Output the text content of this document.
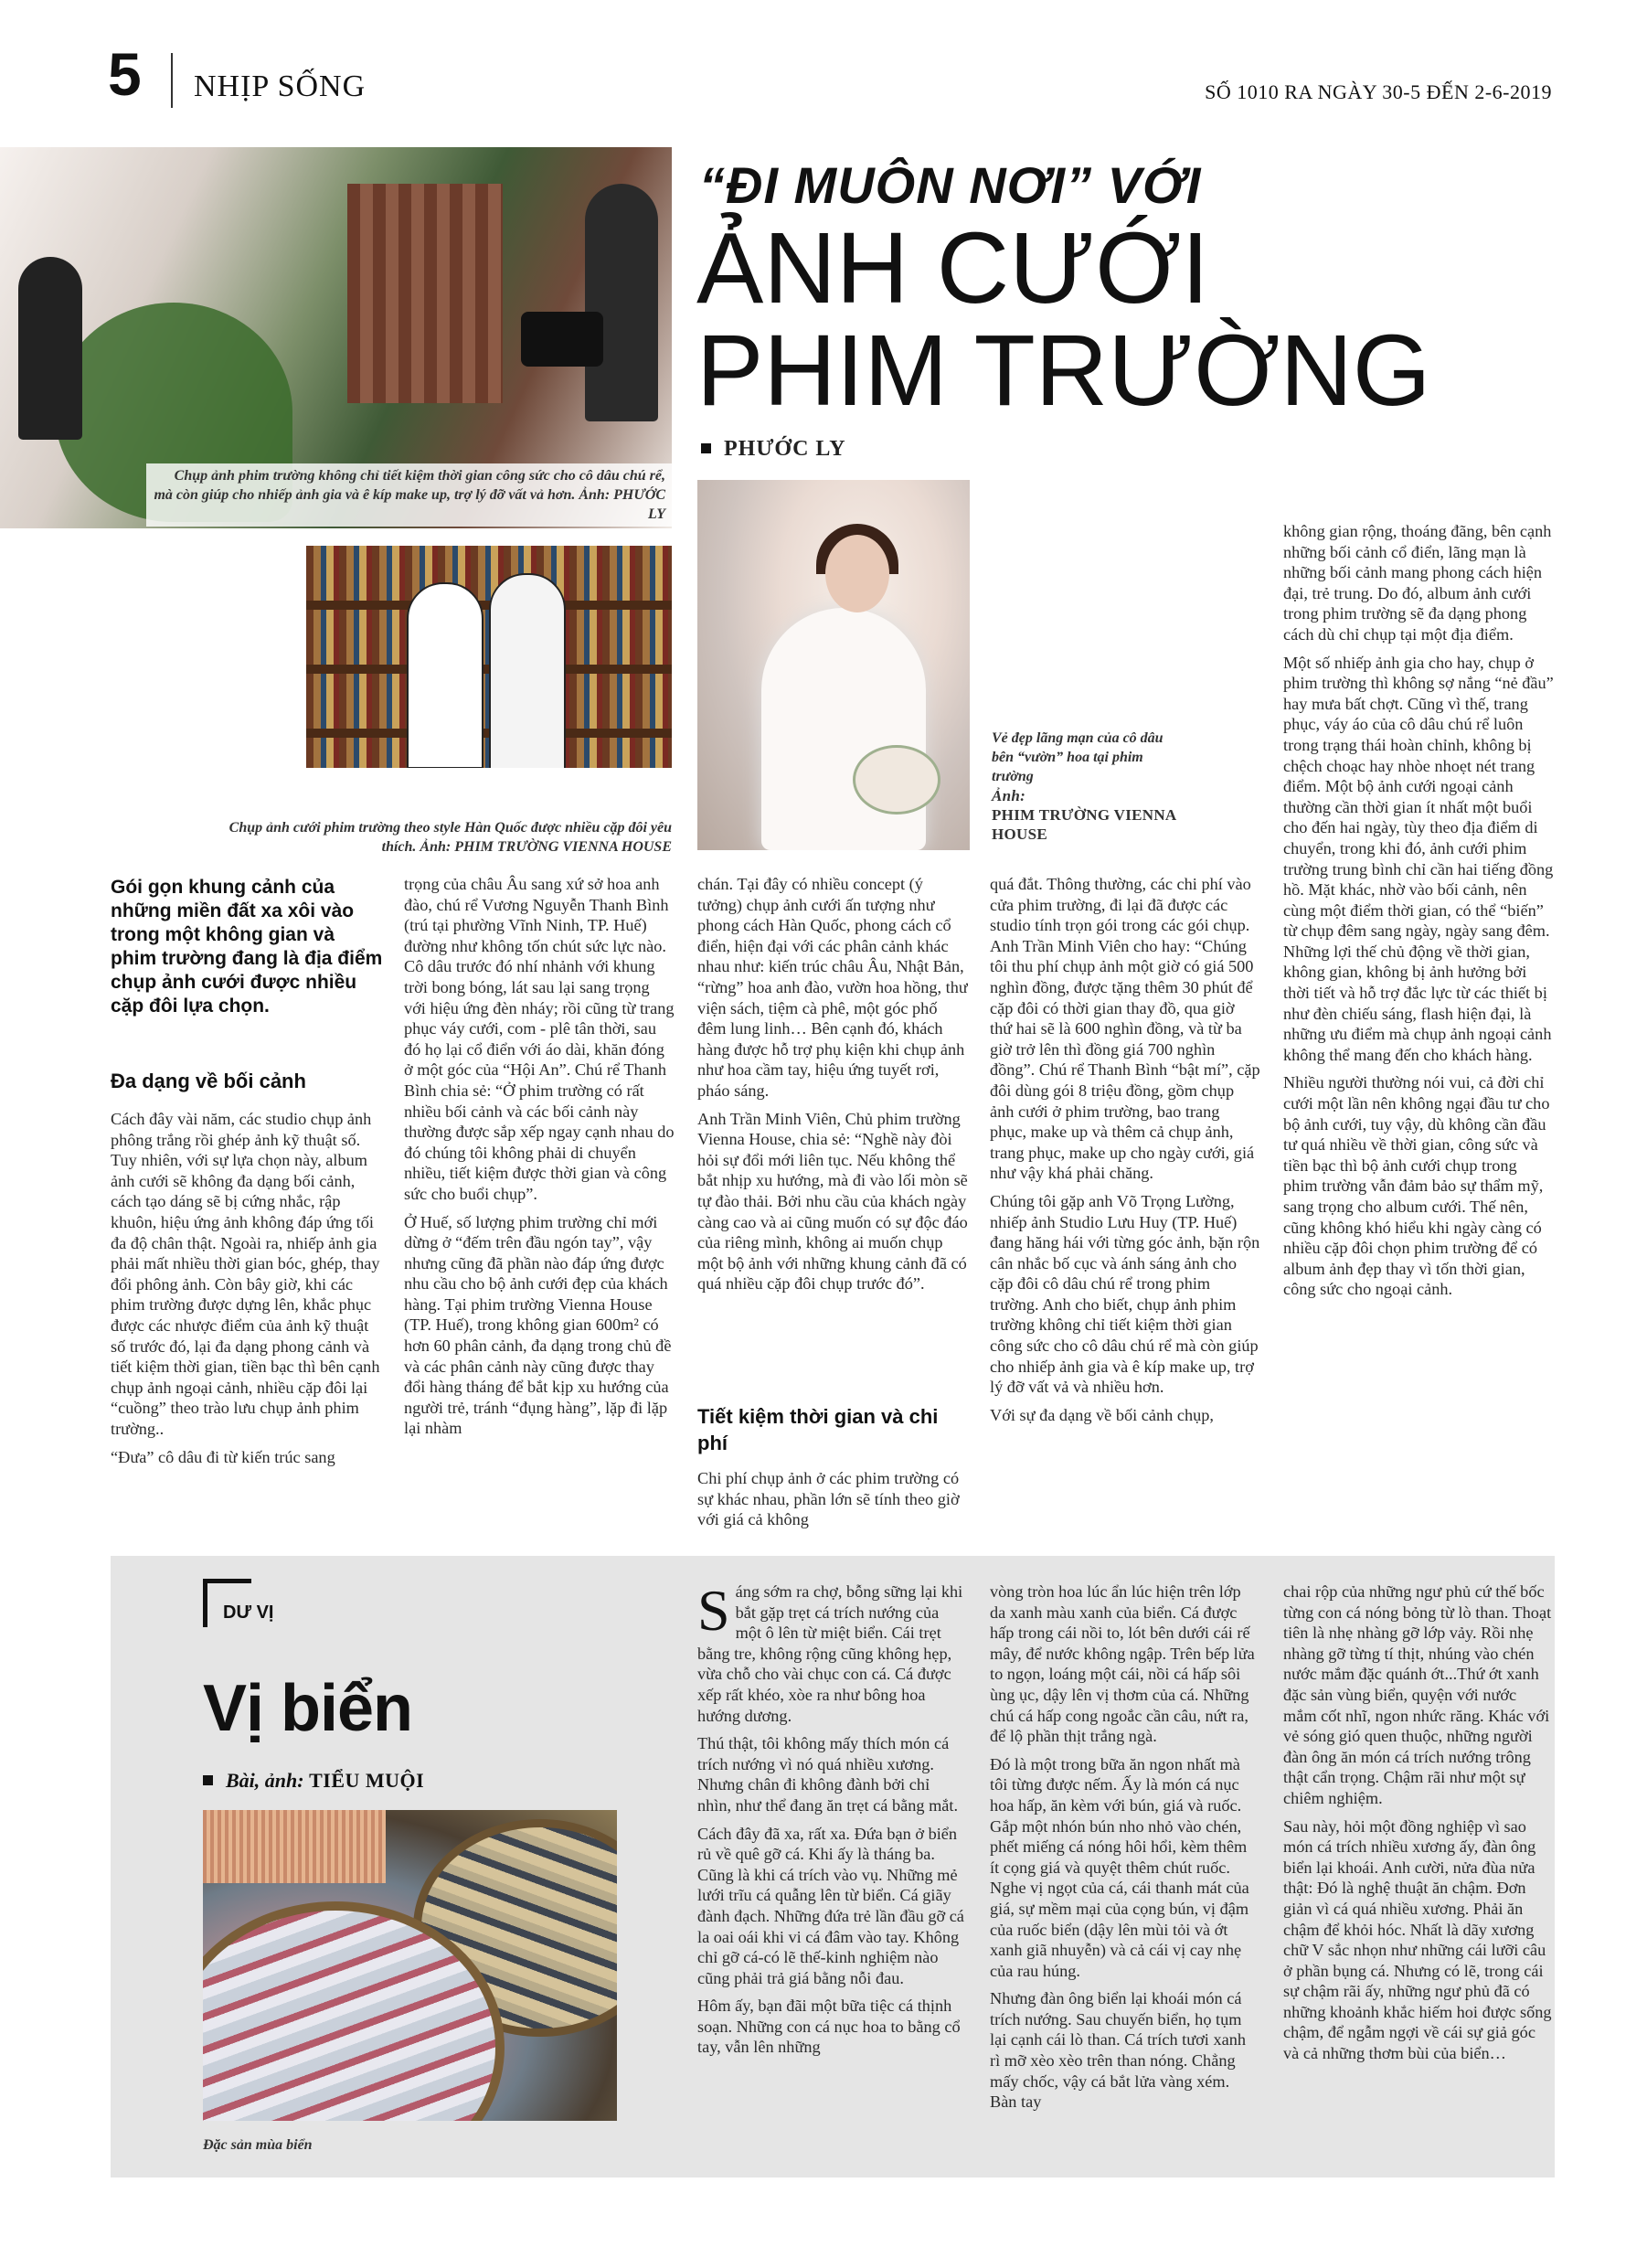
5 NHỊP SỐNG	SỐ 1010 RA NGÀY 30-5 ĐẾN 2-6-2019
Chụp ảnh phim trường không chỉ tiết kiệm thời gian công sức cho cô dâu chú rể, mà còn giúp cho nhiếp ảnh gia và ê kíp make up, trợ lý đỡ vất vả hơn. Ảnh: PHƯỚC LY
Chụp ảnh cưới phim trường theo style Hàn Quốc được nhiều cặp đôi yêu thích. Ảnh: PHIM TRƯỜNG VIENNA HOUSE
Vẻ đẹp lãng mạn của cô dâu bên “vườn” hoa tại phim trường
Ảnh:
PHIM TRƯỜNG VIENNA HOUSE
“ĐI MUÔN NƠI” VỚI
ẢNH CƯỚI
PHIM TRƯỜNG
PHƯỚC LY
Gói gọn khung cảnh của những miền đất xa xôi vào trong một không gian và phim trường đang là địa điểm chụp ảnh cưới được nhiều cặp đôi lựa chọn.
Đa dạng về bối cảnh
Tiết kiệm thời gian và chi phí

Cách đây vài năm, các studio chụp ảnh phông trắng rồi ghép ảnh kỹ thuật số. Tuy nhiên, với sự lựa chọn này, album ảnh cưới sẽ không đa dạng bối cảnh, cách tạo dáng sẽ bị cứng nhắc, rập khuôn, hiệu ứng ảnh không đáp ứng tối đa độ chân thật. Ngoài ra, nhiếp ảnh gia phải mất nhiều thời gian bóc, ghép, thay đổi phông ảnh. Còn bây giờ, khi các phim trường được dựng lên, khắc phục được các nhược điểm của ảnh kỹ thuật số trước đó, lại đa dạng phong cảnh và tiết kiệm thời gian, tiền bạc thì bên cạnh chụp ảnh ngoại cảnh, nhiều cặp đôi lại “cuồng” theo trào lưu chụp ảnh phim trường..

“Đưa” cô dâu đi từ kiến trúc sang

trọng của châu Âu sang xứ sở hoa anh đào, chú rể Vương Nguyễn Thanh Bình (trú tại phường Vĩnh Ninh, TP. Huế) đường như không tốn chút sức lực nào. Cô dâu trước đó nhí nhảnh với khung trời bong bóng, lát sau lại sang trọng với hiệu ứng đèn nháy; rồi cũng từ trang phục váy cưới, com - plê tân thời, sau đó họ lại cổ điển với áo dài, khăn đóng ở một góc của “Hội An”. Chú rể Thanh Bình chia sẻ: “Ở phim trường có rất nhiều bối cảnh và các bối cảnh này thường được sắp xếp ngay cạnh nhau do đó chúng tôi không phải di chuyển nhiều, tiết kiệm được thời gian và công sức cho buổi chụp”.

Ở Huế, số lượng phim trường chỉ mới dừng ở “đếm trên đầu ngón tay”, vậy nhưng cũng đã phần nào đáp ứng được nhu cầu cho bộ ảnh cưới đẹp của khách hàng. Tại phim trường Vienna House (TP. Huế), trong không gian 600m² có hơn 60 phân cảnh, đa dạng trong chủ đề và các phân cảnh này cũng được thay đổi hàng tháng để bắt kịp xu hướng của người trẻ, tránh “đụng hàng”, lặp đi lặp lại nhàm

chán. Tại đây có nhiều concept (ý tưởng) chụp ảnh cưới ấn tượng như phong cách Hàn Quốc, phong cách cổ điển, hiện đại với các phân cảnh khác nhau như: kiến trúc châu Âu, Nhật Bản, “rừng” hoa anh đào, vườn hoa hồng, thư viện sách, tiệm cà phê, một góc phố đêm lung linh… Bên cạnh đó, khách hàng được hỗ trợ phụ kiện khi chụp ảnh như hoa cầm tay, hiệu ứng tuyết rơi, pháo sáng.

Anh Trần Minh Viên, Chủ phim trường Vienna House, chia sẻ: “Nghề này đòi hỏi sự đổi mới liên tục. Nếu không thể bắt nhịp xu hướng, mà đi vào lối mòn sẽ tự đào thải. Bởi nhu cầu của khách ngày càng cao và ai cũng muốn có sự độc đáo của riêng mình, không ai muốn chụp một bộ ảnh với những khung cảnh đã có quá nhiều cặp đôi chụp trước đó”.

Chi phí chụp ảnh ở các phim trường có sự khác nhau, phần lớn sẽ tính theo giờ với giá cả không

quá đắt. Thông thường, các chi phí vào cửa phim trường, đi lại đã được các studio tính trọn gói trong các gói chụp. Anh Trần Minh Viên cho hay: “Chúng tôi thu phí chụp ảnh một giờ có giá 500 nghìn đồng, được tặng thêm 30 phút để cặp đôi có thời gian thay đồ, qua giờ thứ hai sẽ là 600 nghìn đồng, và từ ba giờ trở lên thì đồng giá 700 nghìn đồng”. Chú rể Thanh Bình “bật mí”, cặp đôi dùng gói 8 triệu đồng, gồm chụp ảnh cưới ở phim trường, bao trang phục, make up và thêm cả chụp ảnh, trang phục, make up cho ngày cưới, giá như vậy khá phải chăng.

Chúng tôi gặp anh Võ Trọng Lường, nhiếp ảnh Studio Lưu Huy (TP. Huế) đang hăng hái với từng góc ảnh, bặn rộn cân nhắc bố cục và ánh sáng ảnh cho cặp đôi cô dâu chú rể trong phim trường. Anh cho biết, chụp ảnh phim trường không chỉ tiết kiệm thời gian công sức cho cô dâu chú rể mà còn giúp cho nhiếp ảnh gia và ê kíp make up, trợ lý đỡ vất vả và nhiều hơn.

Với sự đa dạng về bối cảnh chụp,

không gian rộng, thoáng đãng, bên cạnh những bối cảnh cổ điển, lãng mạn là những bối cảnh mang phong cách hiện đại, trẻ trung. Do đó, album ảnh cưới trong phim trường sẽ đa dạng phong cách dù chỉ chụp tại một địa điểm.

Một số nhiếp ảnh gia cho hay, chụp ở phim trường thì không sợ nắng “nẻ đầu” hay mưa bất chợt. Cũng vì thế, trang phục, váy áo của cô dâu chú rể luôn trong trạng thái hoàn chỉnh, không bị chệch choạc hay nhòe nhoẹt nét trang điểm. Một bộ ảnh cưới ngoại cảnh thường cần thời gian ít nhất một buổi cho đến hai ngày, tùy theo địa điểm di chuyển, trong khi đó, ảnh cưới phim trường trung bình chỉ cần hai tiếng đồng hồ. Mặt khác, nhờ vào bối cảnh, nên cùng một điểm thời gian, có thể “biến” từ chụp đêm sang ngày, ngày sang đêm. Những lợi thế chủ động về thời gian, không gian, không bị ảnh hưởng bởi thời tiết và hỗ trợ đắc lực từ các thiết bị như đèn chiếu sáng, flash hiện đại, là những ưu điểm mà chụp ảnh ngoại cảnh không thể mang đến cho khách hàng.

Nhiều người thường nói vui, cả đời chỉ cưới một lần nên không ngại đầu tư cho bộ ảnh cưới, tuy vậy, dù không cần đầu tư quá nhiều về thời gian, công sức và tiền bạc thì bộ ảnh cưới chụp trong phim trường vẫn đảm bảo sự thẩm mỹ, sang trọng cho album cưới. Thế nên, cũng không khó hiểu khi ngày càng có nhiều cặp đôi chọn phim trường để có album ảnh đẹp thay vì tốn thời gian, công sức cho ngoại cảnh.

DƯ VỊ
Vị biển
Bài, ảnh: TIỂU MUỘI
Đặc sản mùa biển

Sáng sớm ra chợ, bỗng sững lại khi bắt gặp trẹt cá trích nướng của một ô lên từ miệt biển. Cái trẹt bằng tre, không rộng cũng không hẹp, vừa chỗ cho vài chục con cá. Cá được xếp rất khéo, xòe ra như bông hoa hướng dương.

Thú thật, tôi không mấy thích món cá trích nướng vì nó quá nhiều xương. Nhưng chân đi không đành bởi chỉ nhìn, như thể đang ăn trẹt cá bằng mắt.

Cách đây đã xa, rất xa. Đứa bạn ở biển rủ về quê gỡ cá. Khi ấy là tháng ba. Cũng là khi cá trích vào vụ. Những mẻ lưới trĩu cá quẫng lên từ biển. Cá giãy đành đạch. Những đứa trẻ lần đầu gỡ cá la oai oái khi vi cá đâm vào tay. Không chỉ gỡ cá-có lẽ thế-kinh nghiệm nào cũng phải trả giá bằng nỗi đau.

Hôm ấy, bạn đãi một bữa tiệc cá thịnh soạn. Những con cá nục hoa to bằng cổ tay, vẫn lên những

vòng tròn hoa lúc ẩn lúc hiện trên lớp da xanh màu xanh của biển. Cá được hấp trong cái nồi to, lót bên dưới cái rế mây, để nước không ngập. Trên bếp lửa to ngọn, loáng một cái, nồi cá hấp sôi ùng ục, dậy lên vị thơm của cá. Những chú cá hấp cong ngoắc cần câu, nứt ra, để lộ phần thịt trắng ngà.

Đó là một trong bữa ăn ngon nhất mà tôi từng được nếm. Ấy là món cá nục hoa hấp, ăn kèm với bún, giá và ruốc. Gắp một nhón bún nho nhỏ vào chén, phết miếng cá nóng hôi hổi, kèm thêm ít cọng giá và quyệt thêm chút ruốc. Nghe vị ngọt của cá, cái thanh mát của giá, sự mềm mại của cọng bún, vị đậm của ruốc biển (dậy lên mùi tỏi và ớt xanh giã nhuyễn) và cả cái vị cay nhẹ của rau húng.

Nhưng đàn ông biển lại khoái món cá trích nướng. Sau chuyến biển, họ tụm lại cạnh cái lò than. Cá trích tươi xanh rì mỡ xèo xèo trên than nóng. Chẳng mấy chốc, vậy cá bắt lửa vàng xém. Bàn tay

chai rộp của những ngư phủ cứ thế bốc từng con cá nóng bỏng từ lò than. Thoạt tiên là nhẹ nhàng gỡ lớp vảy. Rồi nhẹ nhàng gỡ từng tí thịt, nhúng vào chén nước mắm đặc quánh ớt...Thứ ớt xanh đặc sản vùng biển, quyện với nước mắm cốt nhĩ, ngon nhức răng. Khác với vẻ sóng gió quen thuộc, những người đàn ông ăn món cá trích nướng trông thật cẩn trọng. Chậm rãi như một sự chiêm nghiệm.

Sau này, hỏi một đồng nghiệp vì sao món cá trích nhiều xương ấy, đàn ông biển lại khoái. Anh cười, nửa đùa nửa thật: Đó là nghệ thuật ăn chậm. Đơn giản vì cá quá nhiều xương. Phải ăn chậm để khỏi hóc. Nhất là dãy xương chữ V sắc nhọn như những cái lưỡi câu ở phần bụng cá. Nhưng có lẽ, trong cái sự chậm rãi ấy, những ngư phủ đã có những khoảnh khắc hiếm hoi được sống chậm, để ngẫm ngợi về cái sự giả góc và cả những thơm bùi của biển…
